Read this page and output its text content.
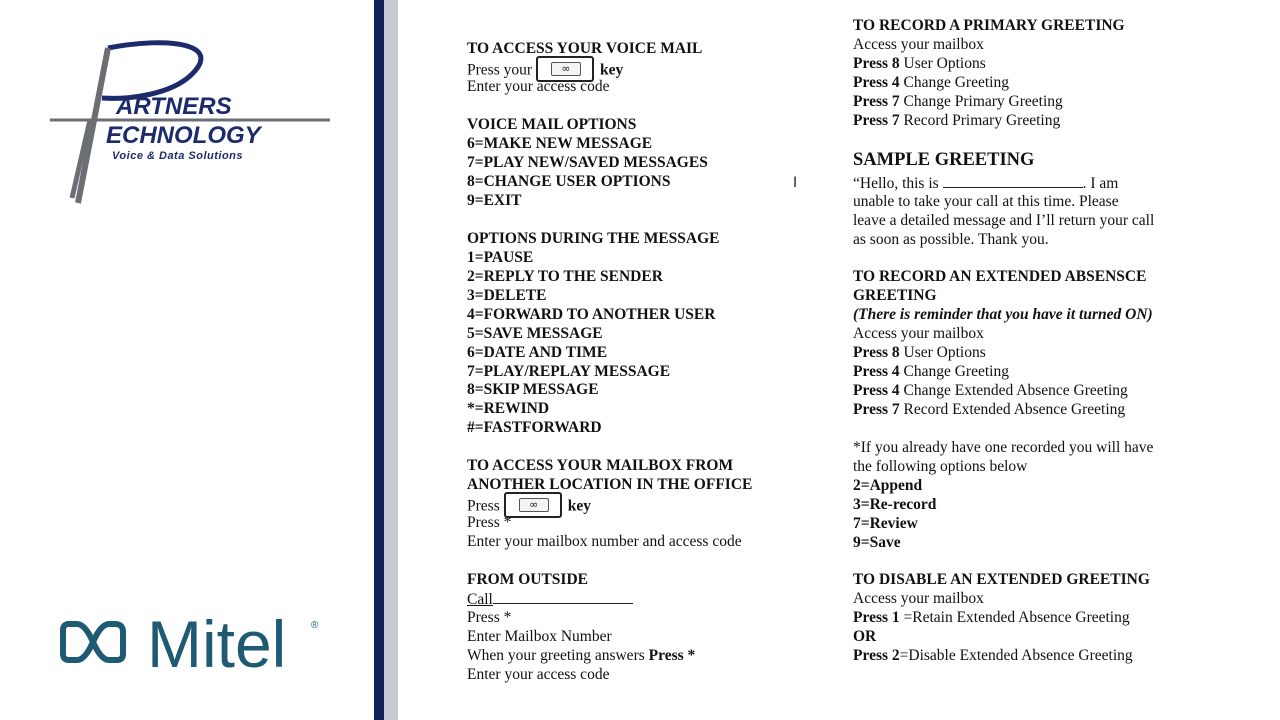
ARTNERS
ECHNOLOGY
Voice & Data Solutions
Mitel ®
TO ACCESS YOUR VOICE MAIL
Press your	∞	key
Enter your access code
VOICE MAIL OPTIONS
6=MAKE NEW MESSAGE
7=PLAY NEW/SAVED MESSAGES
8=CHANGE USER OPTIONS
9=EXIT
I
OPTIONS DURING THE MESSAGE
1=PAUSE
2=REPLY TO THE SENDER
3=DELETE
4=FORWARD TO ANOTHER USER
5=SAVE MESSAGE
6=DATE AND TIME
7=PLAY/REPLAY MESSAGE
8=SKIP MESSAGE
*=REWIND
#=FASTFORWARD
TO ACCESS YOUR MAILBOX FROM
ANOTHER LOCATION IN THE OFFICE
Press	∞	key
Press *
Enter your mailbox number and access code
FROM OUTSIDE
Call
Press *
Enter Mailbox Number
When your greeting answers Press *
Enter your access code
TO RECORD A PRIMARY GREETING
Access your mailbox
Press 8 User Options
Press 4 Change Greeting
Press 7 Change Primary Greeting
Press 7 Record Primary Greeting
SAMPLE GREETING
“Hello, this is	. I am
unable to take your call at this time. Please
leave a detailed message and I’ll return your call
as soon as possible. Thank you.
TO RECORD AN EXTENDED ABSENSCE
GREETING
(There is reminder that you have it turned ON)
Access your mailbox
Press 8 User Options
Press 4 Change Greeting
Press 4 Change Extended Absence Greeting
Press 7 Record Extended Absence Greeting
*If you already have one recorded you will have
the following options below
2=Append
3=Re-record
7=Review
9=Save
TO DISABLE AN EXTENDED GREETING
Access your mailbox
Press 1 =Retain Extended Absence Greeting
OR
Press 2=Disable Extended Absence Greeting
